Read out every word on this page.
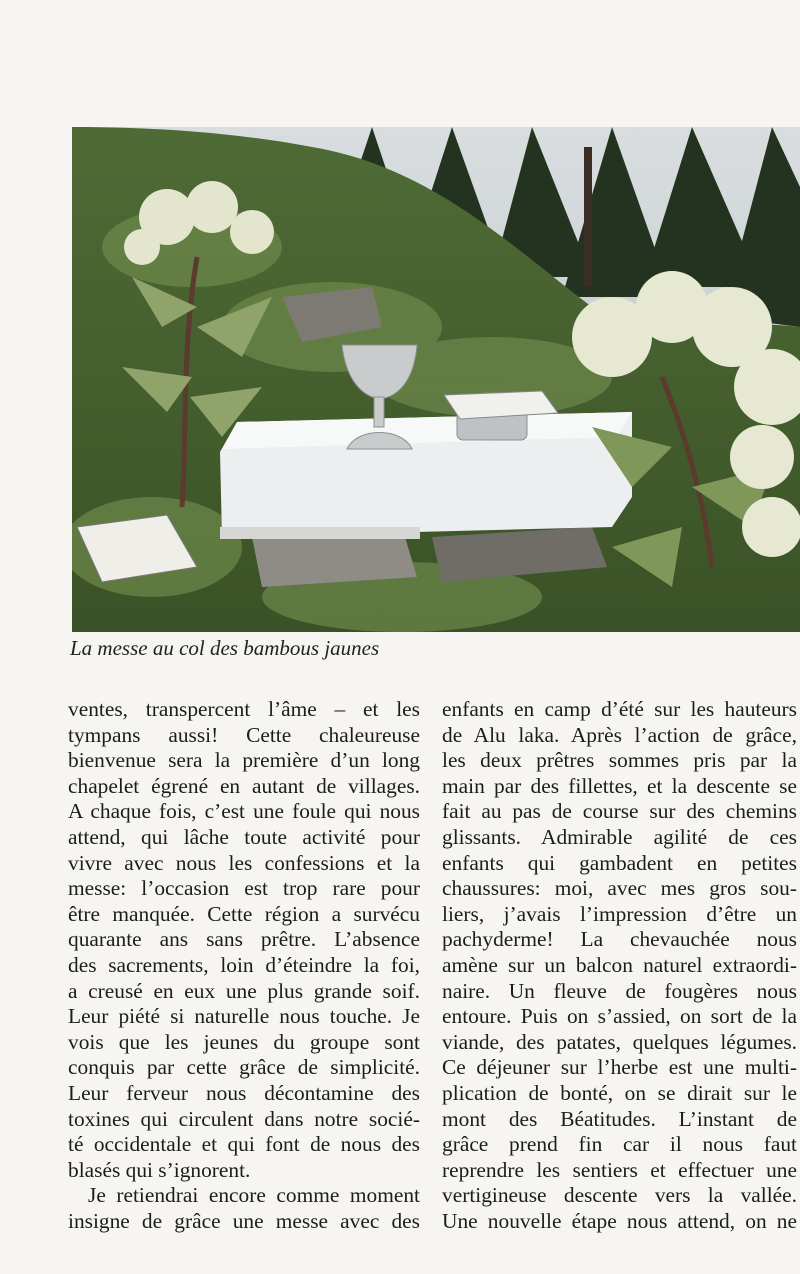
La messe au col des bambous jaunes
ventes, transpercent l’âme – et les
tympans aussi! Cette chaleureuse
bienvenue sera la première d’un long
chapelet égrené en autant de villages.
A chaque fois, c’est une foule qui nous
attend, qui lâche toute activité pour
vivre avec nous les confessions et la
messe: l’occasion est trop rare pour
être manquée. Cette région a survécu
quarante ans sans prêtre. L’absence
des sacrements, loin d’éteindre la foi,
a creusé en eux une plus grande soif.
Leur piété si naturelle nous touche. Je
vois que les jeunes du groupe sont
conquis par cette grâce de simplicité.
Leur ferveur nous décontamine des
toxines qui circulent dans notre socié-
té occidentale et qui font de nous des
blasés qui s’ignorent.
Je retiendrai encore comme moment
insigne de grâce une messe avec des
enfants en camp d’été sur les hauteurs
de Alu laka. Après l’action de grâce,
les deux prêtres sommes pris par la
main par des fillettes, et la descente se
fait au pas de course sur des chemins
glissants. Admirable agilité de ces
enfants qui gambadent en petites
chaussures: moi, avec mes gros sou-
liers, j’avais l’impression d’être un
pachyderme! La chevauchée nous
amène sur un balcon naturel extraordi-
naire. Un fleuve de fougères nous
entoure. Puis on s’assied, on sort de la
viande, des patates, quelques légumes.
Ce déjeuner sur l’herbe est une multi-
plication de bonté, on se dirait sur le
mont des Béatitudes. L’instant de
grâce prend fin car il nous faut
reprendre les sentiers et effectuer une
vertigineuse descente vers la vallée.
Une nouvelle étape nous attend, on ne
